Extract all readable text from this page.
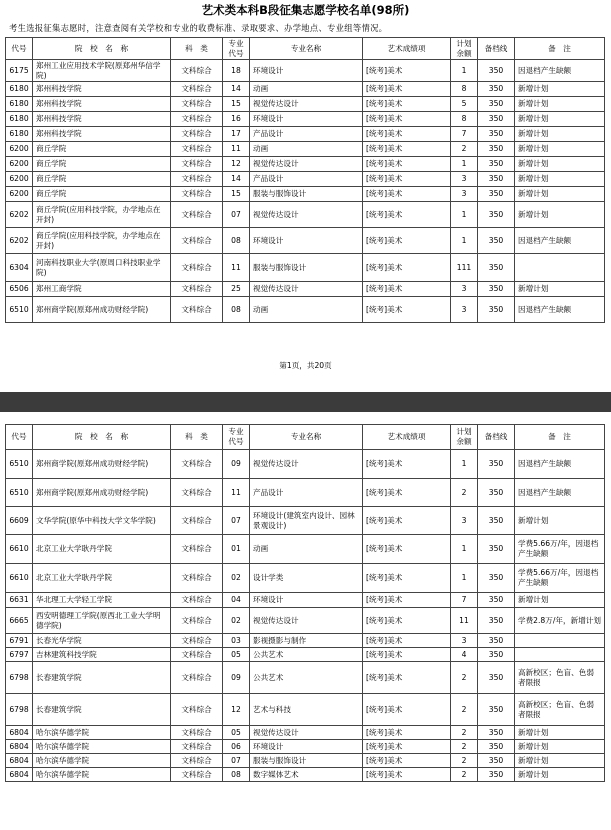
艺术类本科B段征集志愿学校名单(98所)
考生选报征集志愿时，注意查阅有关学校和专业的收费标准、录取要求、办学地点、专业组等情况。
代号	院　校　名　称	科　类	专业代号	专业名称	艺术成绩项	计划余额	备档线	备　注
6175	郑州工业应用技术学院(原郑州华信学院)	文科综合	18	环境设计	[统考]美术	1	350	因退档产生缺额
6180	郑州科技学院	文科综合	14	动画	[统考]美术	8	350	新增计划
6180	郑州科技学院	文科综合	15	视觉传达设计	[统考]美术	5	350	新增计划
6180	郑州科技学院	文科综合	16	环境设计	[统考]美术	8	350	新增计划
6180	郑州科技学院	文科综合	17	产品设计	[统考]美术	7	350	新增计划
6200	商丘学院	文科综合	11	动画	[统考]美术	2	350	新增计划
6200	商丘学院	文科综合	12	视觉传达设计	[统考]美术	1	350	新增计划
6200	商丘学院	文科综合	14	产品设计	[统考]美术	3	350	新增计划
6200	商丘学院	文科综合	15	服装与服饰设计	[统考]美术	3	350	新增计划
6202	商丘学院(应用科技学院，办学地点在开封)	文科综合	07	视觉传达设计	[统考]美术	1	350	新增计划
6202	商丘学院(应用科技学院，办学地点在开封)	文科综合	08	环境设计	[统考]美术	1	350	因退档产生缺额
6304	河南科技职业大学(原周口科技职业学院)	文科综合	11	服装与服饰设计	[统考]美术	111	350	
6506	郑州工商学院	文科综合	25	视觉传达设计	[统考]美术	3	350	新增计划
6510	郑州商学院(原郑州成功财经学院)	文科综合	08	动画	[统考]美术	3	350	因退档产生缺额
第1页，共20页
代号	院　校　名　称	科　类	专业代号	专业名称	艺术成绩项	计划余额	备档线	备　注
6510	郑州商学院(原郑州成功财经学院)	文科综合	09	视觉传达设计	[统考]美术	1	350	因退档产生缺额
6510	郑州商学院(原郑州成功财经学院)	文科综合	11	产品设计	[统考]美术	2	350	因退档产生缺额
6609	文华学院(原华中科技大学文华学院)	文科综合	07	环境设计(建筑室内设计、园林景观设计)	[统考]美术	3	350	新增计划
6610	北京工业大学耿丹学院	文科综合	01	动画	[统考]美术	1	350	学费5.66万/年，因退档产生缺额
6610	北京工业大学耿丹学院	文科综合	02	设计学类	[统考]美术	1	350	学费5.66万/年，因退档产生缺额
6631	华北理工大学轻工学院	文科综合	04	环境设计	[统考]美术	7	350	新增计划
6665	西安明德理工学院(原西北工业大学明德学院)	文科综合	02	视觉传达设计	[统考]美术	11	350	学费2.8万/年，新增计划
6791	长春光华学院	文科综合	03	影视摄影与制作	[统考]美术	3	350	
6797	吉林建筑科技学院	文科综合	05	公共艺术	[统考]美术	4	350	
6798	长春建筑学院	文科综合	09	公共艺术	[统考]美术	2	350	高新校区；色盲、色弱者限报
6798	长春建筑学院	文科综合	12	艺术与科技	[统考]美术	2	350	高新校区；色盲、色弱者限报
6804	哈尔滨华德学院	文科综合	05	视觉传达设计	[统考]美术	2	350	新增计划
6804	哈尔滨华德学院	文科综合	06	环境设计	[统考]美术	2	350	新增计划
6804	哈尔滨华德学院	文科综合	07	服装与服饰设计	[统考]美术	2	350	新增计划
6804	哈尔滨华德学院	文科综合	08	数字媒体艺术	[统考]美术	2	350	新增计划
